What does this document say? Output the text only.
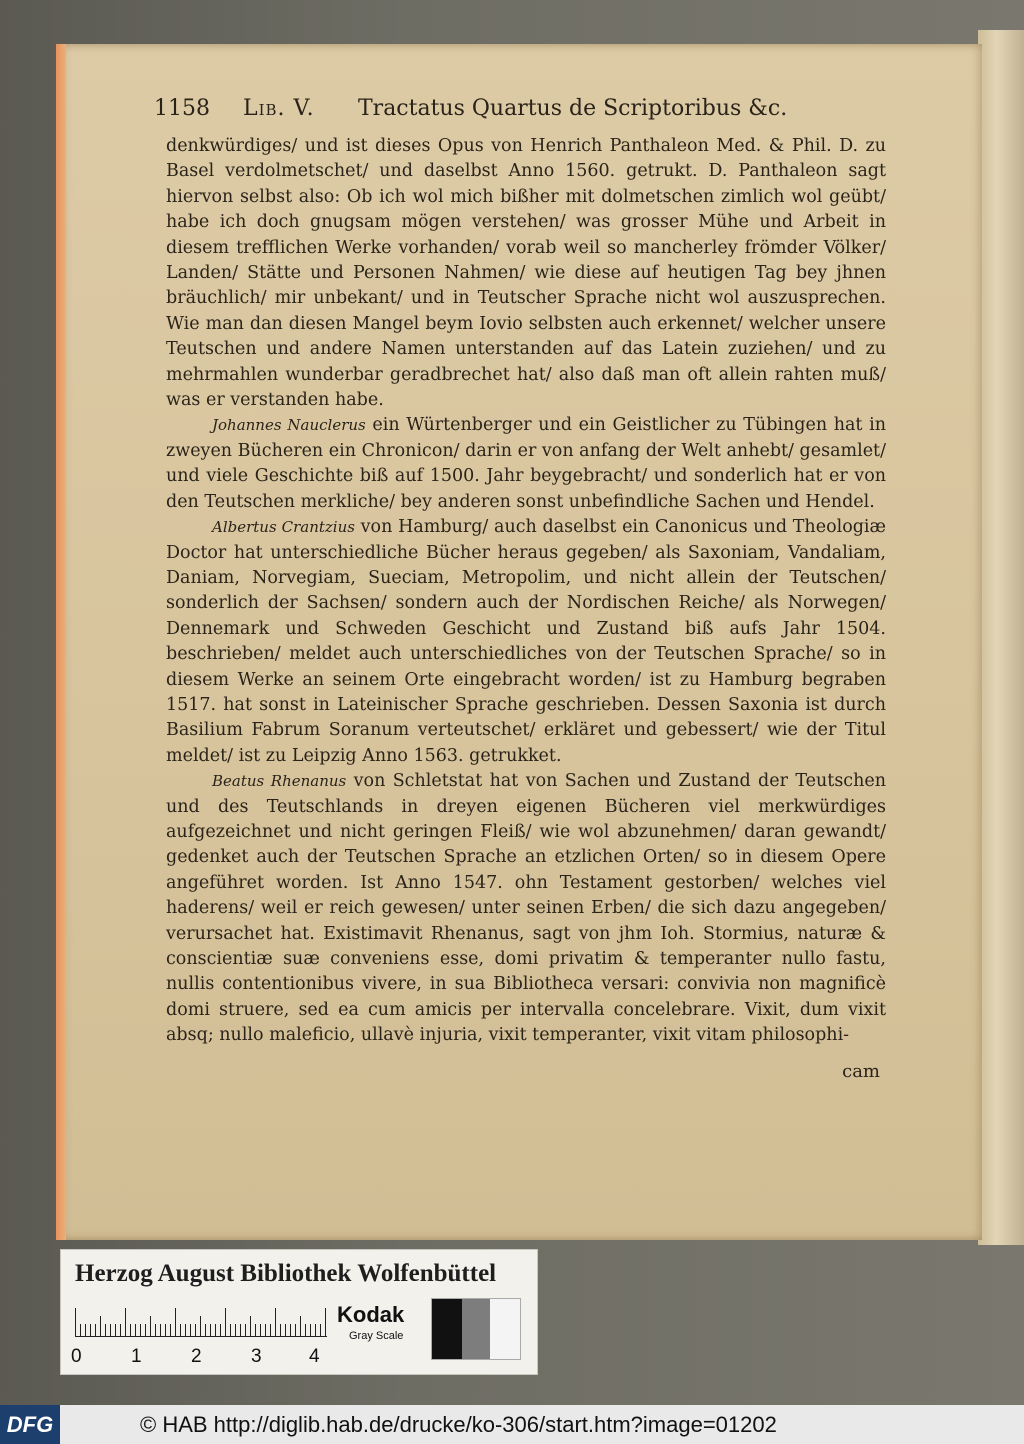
1158 Lib. V. Tractatus Quartus de Scriptoribus &c.

denkwürdiges/ und ist dieses Opus von Henrich Panthaleon Med. & Phil. D. zu Basel verdolmetschet/ und daselbst Anno 1560. getrukt. D. Panthaleon sagt hiervon selbst also: Ob ich wol mich bißher mit dolmetschen zimlich wol geübt/ habe ich doch gnugsam mögen verstehen/ was grosser Mühe und Arbeit in diesem trefflichen Werke vorhanden/ vorab weil so mancherley frömder Völker/ Landen/ Stätte und Personen Nahmen/ wie diese auf heutigen Tag bey jhnen bräuchlich/ mir unbekant/ und in Teutscher Sprache nicht wol auszusprechen. Wie man dan diesen Mangel beym Iovio selbsten auch erkennet/ welcher unsere Teutschen und andere Namen unterstanden auf das Latein zuziehen/ und zu mehrmahlen wunderbar geradbrechet hat/ also daß man oft allein rahten muß/ was er verstanden habe.

Johannes Nauclerus ein Würtenberger und ein Geistlicher zu Tübingen hat in zweyen Bücheren ein Chronicon/ darin er von anfang der Welt anhebt/ gesamlet/ und viele Geschichte biß auf 1500. Jahr beygebracht/ und sonderlich hat er von den Teutschen merkliche/ bey anderen sonst unbefindliche Sachen und Hendel.

Albertus Crantzius von Hamburg/ auch daselbst ein Canonicus und Theologiæ Doctor hat unterschiedliche Bücher heraus gegeben/ als Saxoniam, Vandaliam, Daniam, Norvegiam, Sueciam, Metropolim, und nicht allein der Teutschen/ sonderlich der Sachsen/ sondern auch der Nordischen Reiche/ als Norwegen/ Dennemark und Schweden Geschicht und Zustand biß aufs Jahr 1504. beschrieben/ meldet auch unterschiedliches von der Teutschen Sprache/ so in diesem Werke an seinem Orte eingebracht worden/ ist zu Hamburg begraben 1517. hat sonst in Lateinischer Sprache geschrieben. Dessen Saxonia ist durch Basilium Fabrum Soranum verteutschet/ erkläret und gebessert/ wie der Titul meldet/ ist zu Leipzig Anno 1563. getrukket.

Beatus Rhenanus von Schletstat hat von Sachen und Zustand der Teutschen und des Teutschlands in dreyen eigenen Bücheren viel merkwürdiges aufgezeichnet und nicht geringen Fleiß/ wie wol abzunehmen/ daran gewandt/ gedenket auch der Teutschen Sprache an etzlichen Orten/ so in diesem Opere angeführet worden. Ist Anno 1547. ohn Testament gestorben/ welches viel haderens/ weil er reich gewesen/ unter seinen Erben/ die sich dazu angegeben/ verursachet hat. Existimavit Rhenanus, sagt von jhm Ioh. Stormius, naturæ & conscientiæ suæ conveniens esse, domi privatim & temperanter nullo fastu, nullis contentionibus vivere, in sua Bibliotheca versari: convivia non magnificè domi struere, sed ea cum amicis per intervalla concelebrare. Vixit, dum vixit absq; nullo maleficio, ullavè injuria, vixit temperanter, vixit vitam philosophi-

cam
Herzog August Bibliothek Wolfenbüttel
0	1	2	3 4
Kodak
Gray Scale
DFG	© HAB http://diglib.hab.de/drucke/ko-306/start.htm?image=01202
